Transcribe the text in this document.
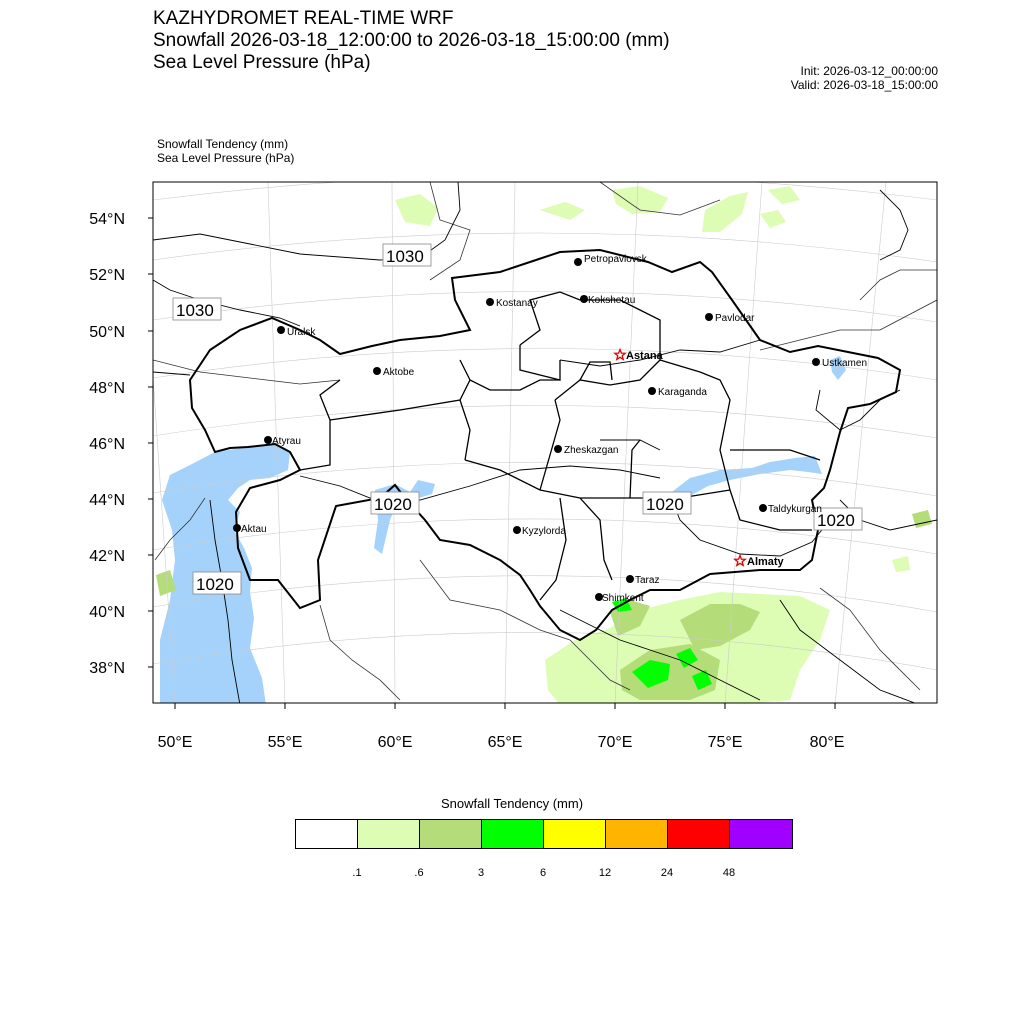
KAZHYDROMET REAL-TIME WRF
Snowfall 2026-03-18_12:00:00 to 2026-03-18_15:00:00 (mm)
Sea Level Pressure (hPa)	Init: 2026-03-12_00:00:00
Valid: 2026-03-18_15:00:00
Snowfall Tendency (mm)
Sea Level Pressure (hPa)
54°N
52°N
50°N
48°N
46°N
44°N
42°N
40°N
38°N
50°E	55°E	60°E	65°E	70°E	75°E	80°E
1030
1030
1020	1020
1020
1020
Petropavlovsk
Kostanay	Kokshetau
Pavlodar
Uralsk
Astana
Ustkamen
Aktobe
Karaganda
Atyrau
Zheskazgan
Taldykurgan
Aktau	Kyzylorda
Almaty
Taraz
Shimkent
Snowfall Tendency (mm)
.1	.6	3	6	12	24	48
